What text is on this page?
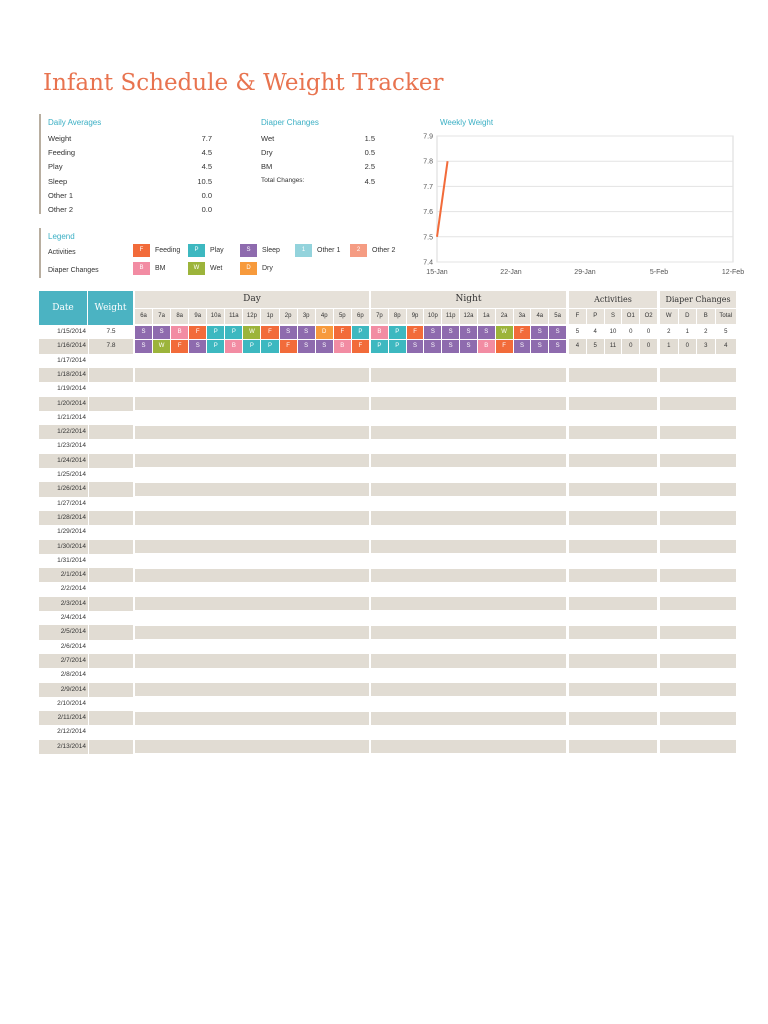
Infant Schedule & Weight Tracker
Daily Averages
Weight	7.7
Feeding	4.5
Play	4.5
Sleep	10.5
Other 1	0.0
Other 2	0.0
Diaper Changes
Wet	1.5
Dry	0.5
BM	2.5
Total Changes:	4.5
Legend
Activities
Diaper Changes
F	Feeding	P	Play	S	Sleep	1	Other 1	2	Other 2
B	BM	W	Wet	D	Dry
Weekly Weight
7.4
7.5
7.6
7.7
7.8
7.9
15-Jan	22-Jan	29-Jan	5-Feb	12-Feb
Date	Weight
Day	Night	Activities	Diaper Changes
6a	7a	8a	9a	10a	11a	12p	1p	2p	3p	4p	5p	6p	7p	8p	9p	10p	11p	12a	1a	2a	3a	4a	5a	F	P	S	O1	O2	W	D	B	Total
1/15/2014	7.5	S	S	B	F	P	P	W	F	S	S	D	F	P	B	P	F	S	S	S	S	W	F	S	S	5	4	10	0	0	2	1	2	5
1/16/2014	7.8	S	W	F	S	P	B	P	P	F	S	S	B	F	P	P	S	S	S	S	B	F	S	S	S	4	5	11	0	0	1	0	3	4
1/17/2014
1/18/2014
1/19/2014
1/20/2014
1/21/2014
1/22/2014
1/23/2014
1/24/2014
1/25/2014
1/26/2014
1/27/2014
1/28/2014
1/29/2014
1/30/2014
1/31/2014
2/1/2014
2/2/2014
2/3/2014
2/4/2014
2/5/2014
2/6/2014
2/7/2014
2/8/2014
2/9/2014
2/10/2014
2/11/2014
2/12/2014
2/13/2014
